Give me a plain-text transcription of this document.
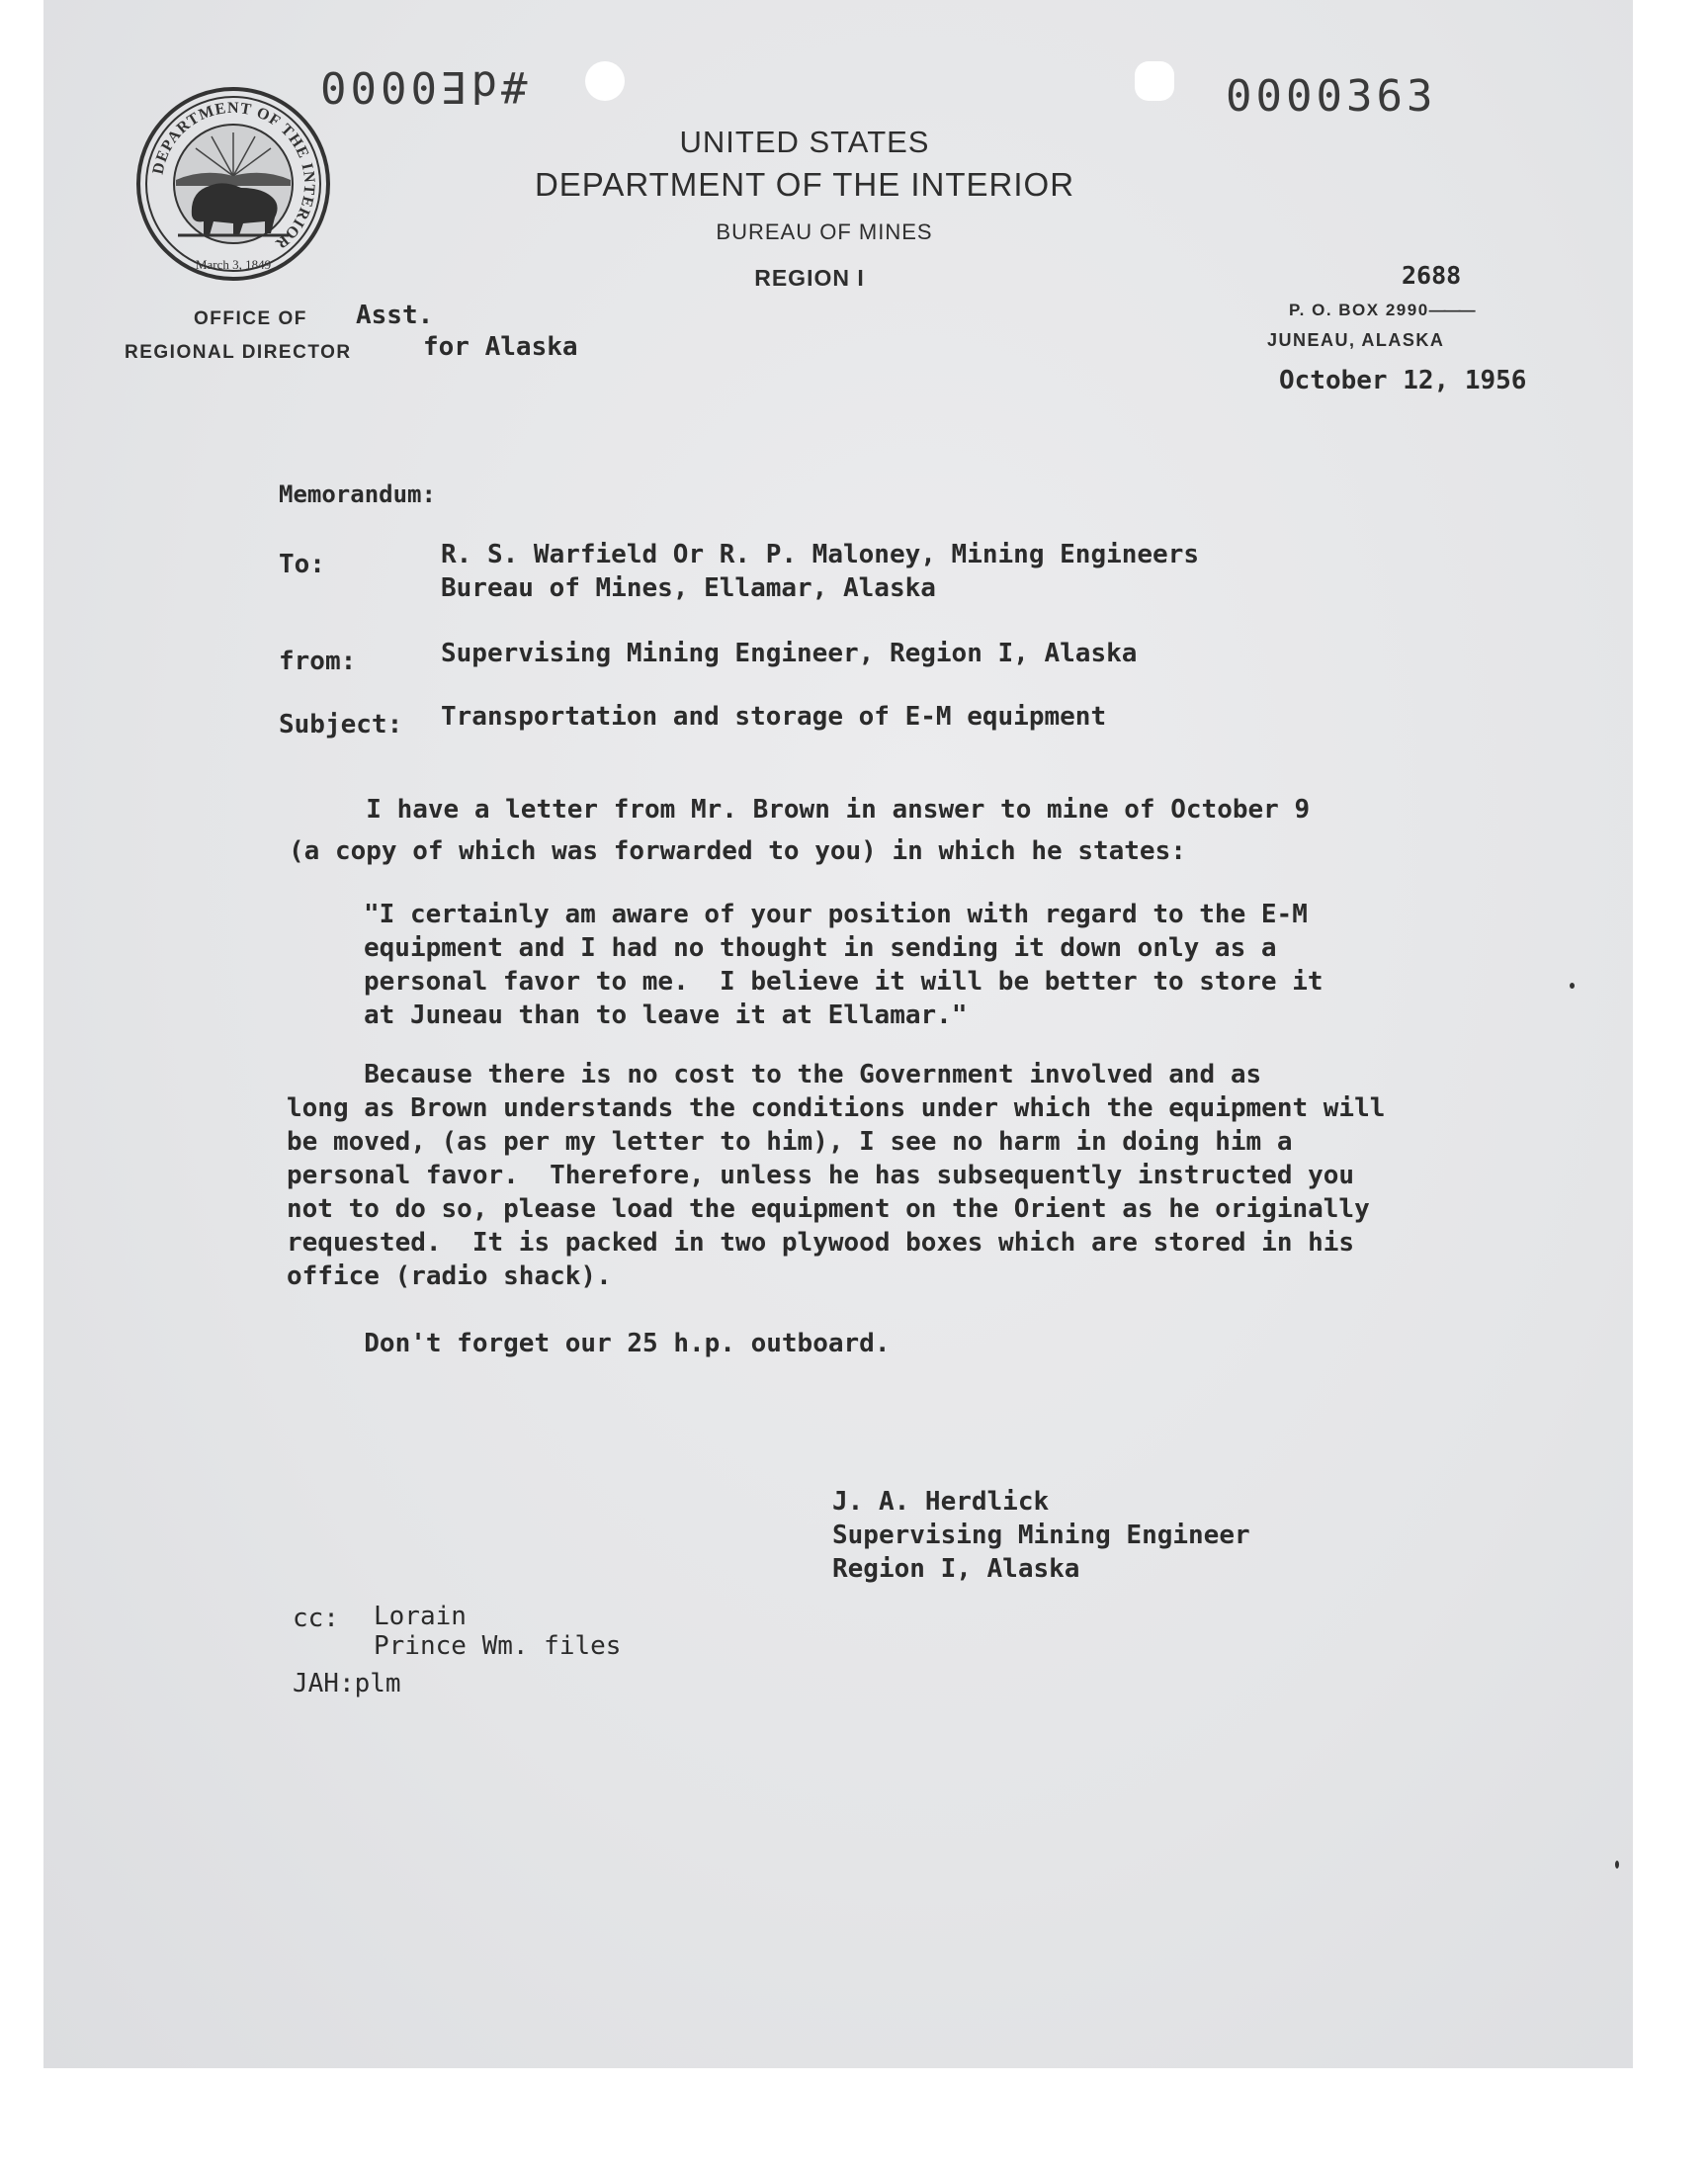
#dE0000	0000363
DEPARTMENT OF THE INTERIOR
March 3, 1849
UNITED STATES
DEPARTMENT OF THE INTERIOR
BUREAU OF MINES
REGION I
OFFICE OF Asst.
REGIONAL DIRECTOR	for Alaska
2688
P. O. BOX 2990———
JUNEAU, ALASKA
October 12, 1956
Memorandum:
To:	R. S. Warfield Or R. P. Maloney, Mining Engineers
Bureau of Mines, Ellamar, Alaska
from:	Supervising Mining Engineer, Region I, Alaska
Subject: Transportation and storage of E-M equipment
I have a letter from Mr. Brown in answer to mine of October 9
(a copy of which was forwarded to you) in which he states:
"I certainly am aware of your position with regard to the E-M
equipment and I had no thought in sending it down only as a
personal favor to me.  I believe it will be better to store it
at Juneau than to leave it at Ellamar."
Because there is no cost to the Government involved and as
long as Brown understands the conditions under which the equipment will
be moved, (as per my letter to him), I see no harm in doing him a
personal favor.  Therefore, unless he has subsequently instructed you
not to do so, please load the equipment on the Orient as he originally
requested.  It is packed in two plywood boxes which are stored in his
office (radio shack).
Don't forget our 25 h.p. outboard.
J. A. Herdlick
Supervising Mining Engineer
Region I, Alaska
cc: Lorain
Prince Wm. files
JAH:plm
